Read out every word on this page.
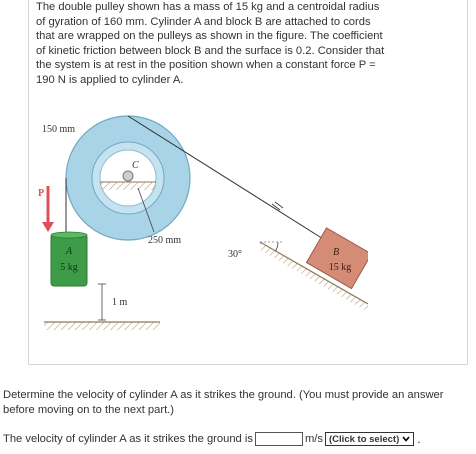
The double pulley shown has a mass of 15 kg and a centroidal radius
of gyration of 160 mm. Cylinder A and block B are attached to cords
that are wrapped on the pulleys as shown in the figure. The coefficient
of kinetic friction between block B and the surface is 0.2. Consider that
the system is at rest in the position shown when a constant force P =
190 N is applied to cylinder A.
150 mm
C
250 mm
P
A
5 kg
1 m
30°	B
15 kg
Determine the velocity of cylinder A as it strikes the ground. (You must provide an answer before moving on to the next part.)
The velocity of cylinder A as it strikes the ground is	m/s (Click to select) .
